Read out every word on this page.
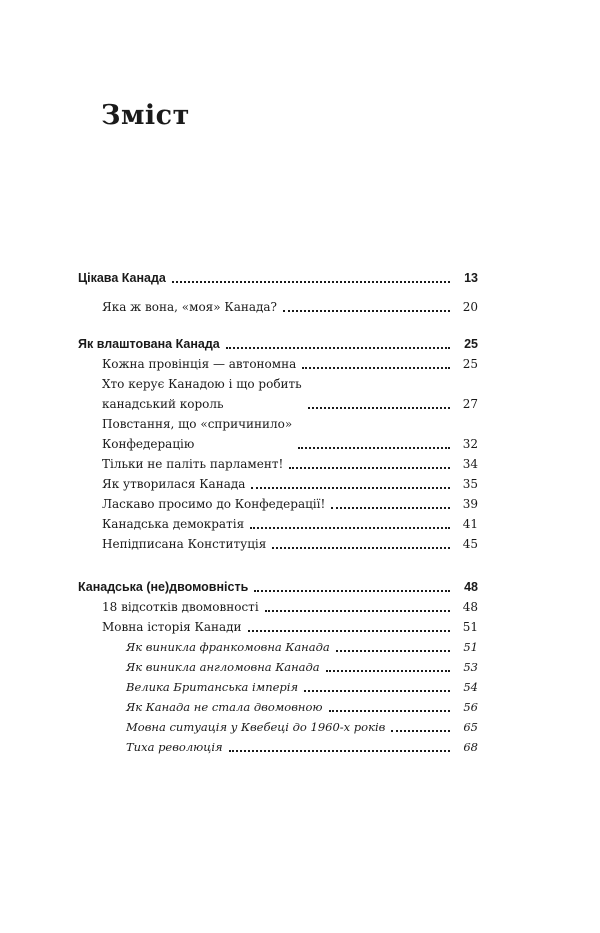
Зміст
Цікава Канада	13
Яка ж вона, «моя» Канада?	20
Як влаштована Канада	25
Кожна провінція — автономна	25
Хто керує Канадою і що робить
канадський король	27
Повстання, що «спричинило»
Конфедерацію	32
Тільки не паліть парламент!	34
Як утворилася Канада	35
Ласкаво просимо до Конфедерації!	39
Канадська демократія	41
Непідписана Конституція	45
Канадська (не)двомовність	48
18 відсотків двомовності	48
Мовна історія Канади	51
Як виникла франкомовна Канада	51
Як виникла англомовна Канада	53
Велика Британська імперія	54
Як Канада не стала двомовною	56
Мовна ситуація у Квебеці до 1960-х років	65
Тиха революція	68
